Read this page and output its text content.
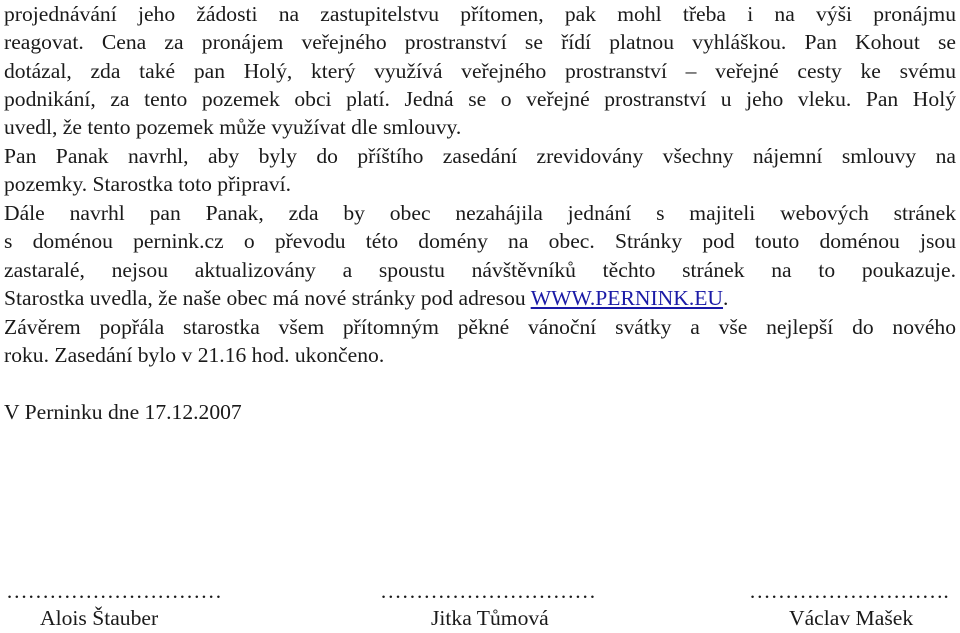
projednávání jeho žádosti na zastupitelstvu přítomen, pak mohl třeba i na výši pronájmu
reagovat. Cena za pronájem veřejného prostranství se řídí platnou vyhláškou. Pan Kohout se
dotázal, zda také pan Holý, který využívá veřejného prostranství – veřejné cesty ke svému
podnikání, za tento pozemek obci platí. Jedná se o veřejné prostranství u jeho vleku. Pan Holý
uvedl, že tento pozemek může využívat dle smlouvy.
Pan Panak navrhl, aby byly do příštího zasedání zrevidovány všechny nájemní smlouvy na
pozemky. Starostka toto připraví.
Dále navrhl pan Panak, zda by obec nezahájila jednání s majiteli webových stránek
s doménou pernink.cz o převodu této domény na obec. Stránky pod touto doménou jsou
zastaralé, nejsou aktualizovány a spoustu návštěvníků těchto stránek na to poukazuje.
Starostka uvedla, že naše obec má nové stránky pod adresou WWW.PERNINK.EU.
Závěrem popřála starostka všem přítomným pěkné vánoční svátky a vše nejlepší do nového
roku. Zasedání bylo v 21.16 hod. ukončeno.
V Perninku dne 17.12.2007
…………………………	…………………………	……………………….
Alois Štauber	Jitka Tůmová	Václav Mašek
